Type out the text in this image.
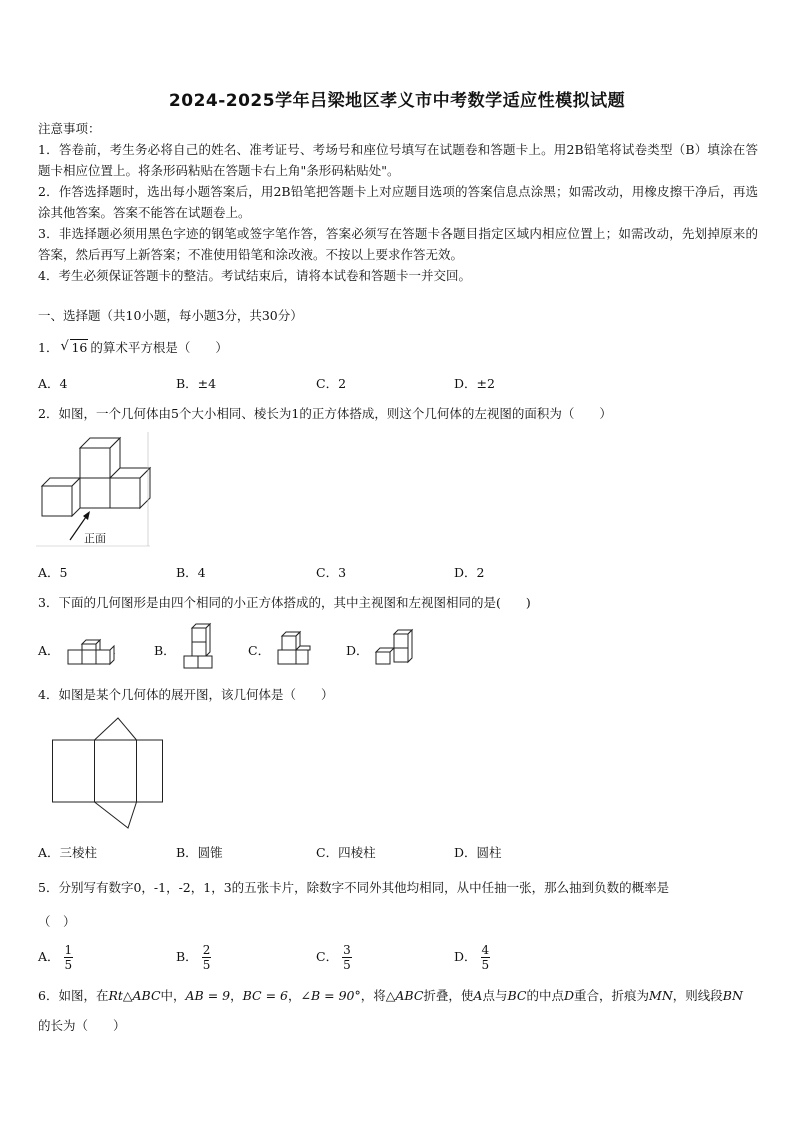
2024-2025学年吕梁地区孝义市中考数学适应性模拟试题
注意事项：
1．答卷前，考生务必将自己的姓名、准考证号、考场号和座位号填写在试题卷和答题卡上。用2B铅笔将试卷类型（B）填涂在答题卡相应位置上。将条形码粘贴在答题卡右上角"条形码粘贴处"。
2．作答选择题时，选出每小题答案后，用2B铅笔把答题卡上对应题目选项的答案信息点涂黑；如需改动，用橡皮擦干净后，再选涂其他答案。答案不能答在试题卷上。
3．非选择题必须用黑色字迹的钢笔或签字笔作答，答案必须写在答题卡各题目指定区域内相应位置上；如需改动，先划掉原来的答案，然后再写上新答案；不准使用铅笔和涂改液。不按以上要求作答无效。
4．考生必须保证答题卡的整洁。考试结束后，请将本试卷和答题卡一并交回。
一、选择题（共10小题，每小题3分，共30分）
1．√ 16 的算术平方根是（　　）
A．4	B．±4	C．2	D．±2
2．如图，一个几何体由5个大小相同、棱长为1的正方体搭成，则这个几何体的左视图的面积为（　　）
正面
A．5	B．4	C．3	D．2
3．下面的几何图形是由四个相同的小正方体搭成的，其中主视图和左视图相同的是(　　)
A．	B．	C．	D．
4．如图是某个几何体的展开图，该几何体是（　　）
A．三棱柱	B．圆锥	C．四棱柱	D．圆柱
5．分别写有数字0，-1，-2，1，3的五张卡片，除数字不同外其他均相同，从中任抽一张，那么抽到负数的概率是
（　）
A． $\frac{1}{5}$	B． $\frac{2}{5}$	C． $\frac{3}{5}$	D． $\frac{4}{5}$
6．如图，在Rt△ABC中，AB = 9，BC = 6，∠B = 90°，将△ABC折叠，使A点与BC的中点D重合，折痕为MN，则线段BN
的长为（　　）
